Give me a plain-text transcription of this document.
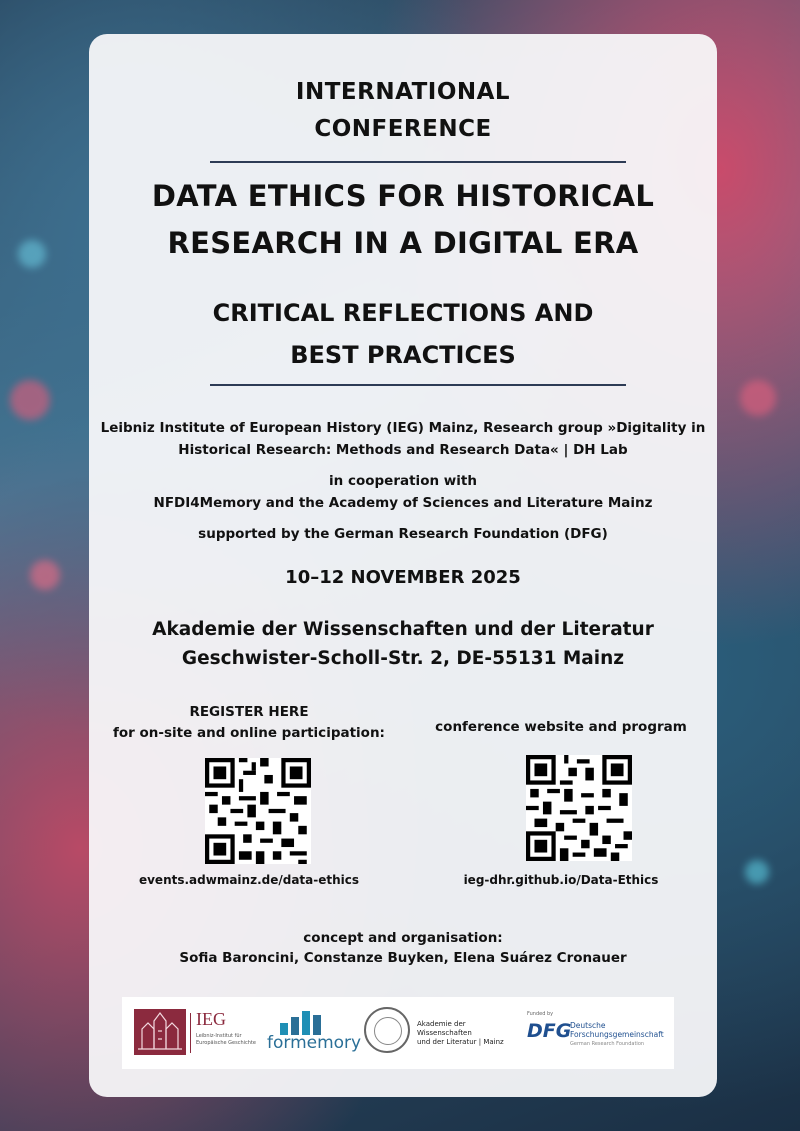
INTERNATIONAL
CONFERENCE
DATA ETHICS FOR HISTORICAL
RESEARCH IN A DIGITAL ERA
CRITICAL REFLECTIONS AND
BEST PRACTICES
Leibniz Institute of European History (IEG) Mainz, Research group »Digitality in
Historical Research: Methods and Research Data« | DH Lab
in cooperation with
NFDI4Memory and the Academy of Sciences and Literature Mainz
supported by the German Research Foundation (DFG)
10–12 NOVEMBER 2025
Akademie der Wissenschaften und der Literatur
Geschwister-Scholl-Str. 2, DE-55131 Mainz
REGISTER HERE
for on-site and online participation:
events.adwmainz.de/data-ethics
conference website and program
ieg-dhr.github.io/Data-Ethics
concept and organisation:
Sofia Baroncini, Constanze Buyken, Elena Suárez Cronauer
IEG
Leibniz-Institut für Europäische Geschichte formemory
Akademie der Wissenschaften
und der Literatur | Mainz
Funded by
DFG
Deutsche
Forschungsgemeinschaft
German Research Foundation
